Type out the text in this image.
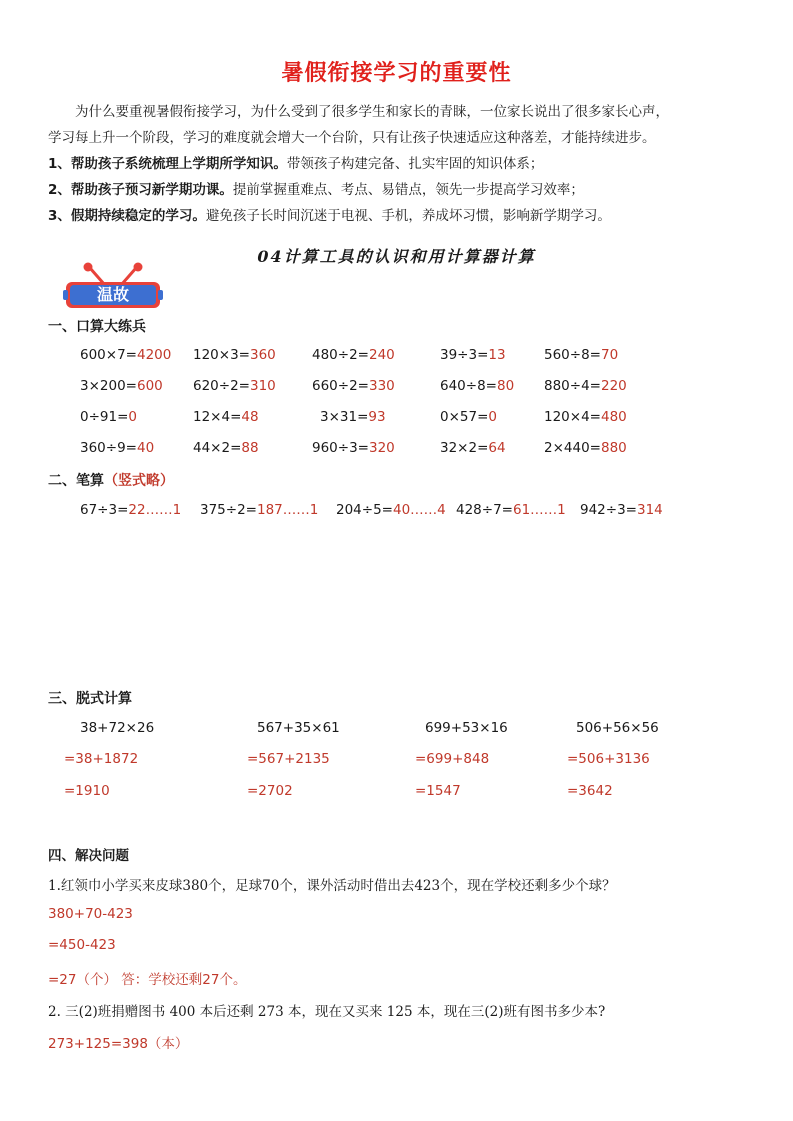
暑假衔接学习的重要性
为什么要重视暑假衔接学习，为什么受到了很多学生和家长的青睐，一位家长说出了很多家长心声，
学习每上升一个阶段，学习的难度就会增大一个台阶，只有让孩子快速适应这种落差，才能持续进步。
1、帮助孩子系统梳理上学期所学知识。带领孩子构建完备、扎实牢固的知识体系；
2、帮助孩子预习新学期功课。提前掌握重难点、考点、易错点，领先一步提高学习效率；
3、假期持续稳定的学习。避免孩子长时间沉迷于电视、手机，养成坏习惯，影响新学期学习。
04计算工具的认识和用计算器计算
温故
一、口算大练兵
600×7=4200 120×3=360	480÷2=240	39÷3=13	560÷8=70
3×200=600 620÷2=310	660÷2=330	640÷8=80 880÷4=220
0÷91=0	12×4=48	3×31=93	0×57=0	120×4=480
360÷9=40	44×2=88	960÷3=320	32×2=64	2×440=880
二、笔算（竖式略）
67÷3=22……1 375÷2=187……1 204÷5=40……4 428÷7=61……1 942÷3=314
三、脱式计算
38+72×26	567+35×61	699+53×16	506+56×56
=38+1872	=567+2135	=699+848	=506+3136
=1910	=2702	=1547	=3642
四、解决问题
1.红领巾小学买来皮球380个，足球70个，课外活动时借出去423个，现在学校还剩多少个球？
380+70-423
=450-423
=27（个） 答：学校还剩27个。
2. 三(2)班捐赠图书 400 本后还剩 273 本，现在又买来 125 本，现在三(2)班有图书多少本?
273+125=398（本）
